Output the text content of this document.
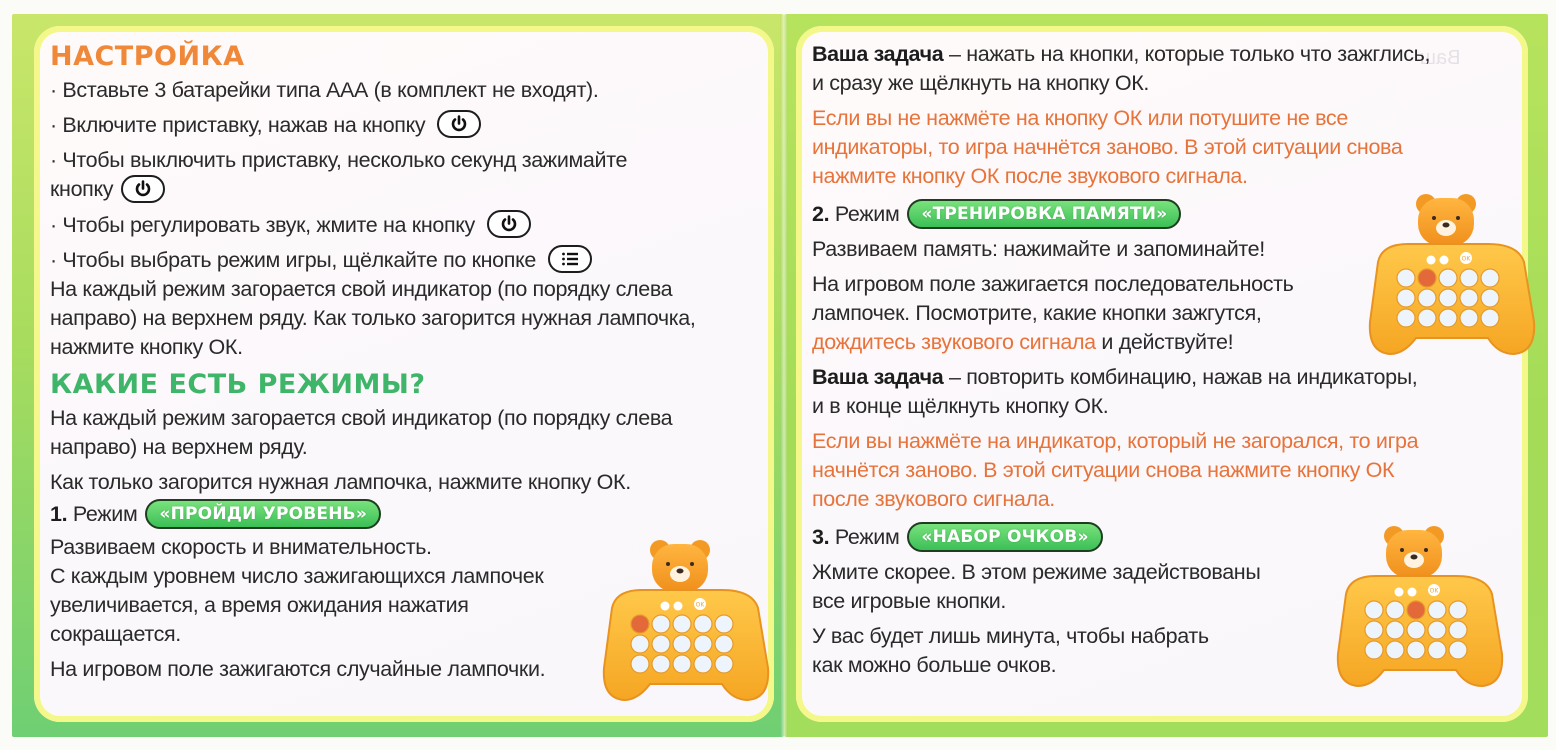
НАСТРОЙКА

· Вставьте 3 батарейки типа ААА (в комплект не входят).

· Включите приставку, нажав на кнопку

· Чтобы выключить приставку, несколько секунд зажимайте

кнопку

· Чтобы регулировать звук, жмите на кнопку

· Чтобы выбрать режим игры, щёлкайте по кнопке

На каждый режим загорается свой индикатор (по порядку слева

направо) на верхнем ряду. Как только загорится нужная лампочка,

нажмите кнопку ОК.

КАКИЕ ЕСТЬ РЕЖИМЫ?

На каждый режим загорается свой индикатор (по порядку слева

направо) на верхнем ряду.

Как только загорится нужная лампочка, нажмите кнопку ОК.

1. Режим	«ПРОЙДИ УРОВЕНЬ»

Развиваем скорость и внимательность.

С каждым уровнем число зажигающихся лампочек

увеличивается, а время ожидания нажатия

сокращается.

На игровом поле зажигаются случайные лампочки.

OK
Ваш

Ваша задача – нажать на кнопки, которые только что зажглись,

и сразу же щёлкнуть на кнопку ОК.

Если вы не нажмёте на кнопку ОК или потушите не все

индикаторы, то игра начнётся заново. В этой ситуации снова

нажмите кнопку ОК после звукового сигнала.

2. Режим	«ТРЕНИРОВКА ПАМЯТИ»

Развиваем память: нажимайте и запоминайте!

На игровом поле зажигается последовательность

лампочек. Посмотрите, какие кнопки зажгутся,

дождитесь звукового сигнала и действуйте!

Ваша задача – повторить комбинацию, нажав на индикаторы,

и в конце щёлкнуть кнопку ОК.

Если вы нажмёте на индикатор, который не загорался, то игра

начнётся заново. В этой ситуации снова нажмите кнопку ОК

после звукового сигнала.

3. Режим	«НАБОР ОЧКОВ»

Жмите скорее. В этом режиме задействованы

все игровые кнопки.

У вас будет лишь минута, чтобы набрать

как можно больше очков.

OK
OK
